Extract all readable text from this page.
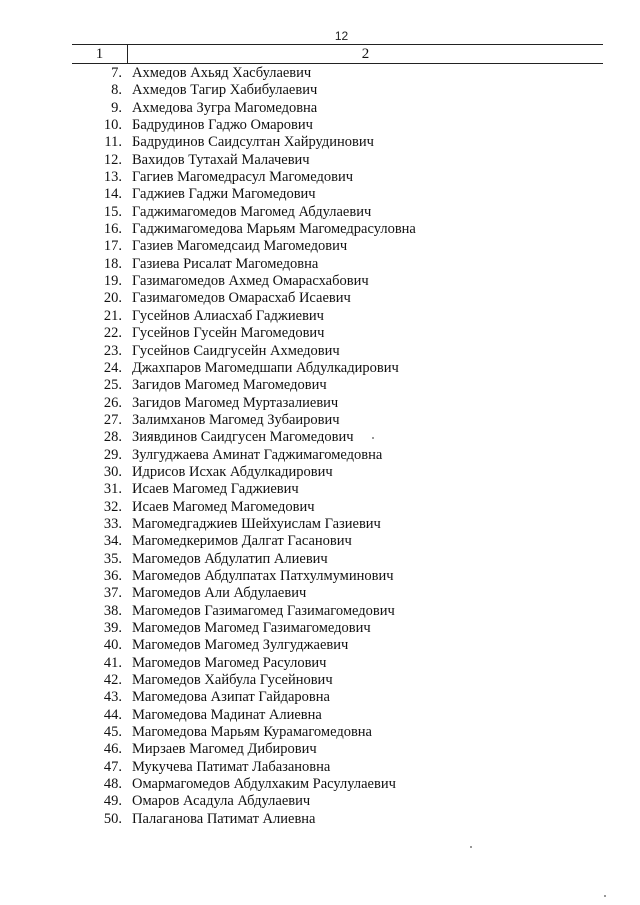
12
1	2
7. Ахмедов Ахьяд Хасбулаевич
8. Ахмедов Тагир Хабибулаевич
9. Ахмедова Зугра Магомедовна
10. Бадрудинов Гаджо Омарович
11. Бадрудинов Саидсултан Хайрудинович
12. Вахидов Тутахай Малачевич
13. Гагиев Магомедрасул Магомедович
14. Гаджиев Гаджи Магомедович
15. Гаджимагомедов Магомед Абдулаевич
16. Гаджимагомедова Марьям Магомедрасуловна
17. Газиев Магомедсаид Магомедович
18. Газиева Рисалат Магомедовна
19. Газимагомедов Ахмед Омарасхабович
20. Газимагомедов Омарасхаб Исаевич
21. Гусейнов Алиасхаб Гаджиевич
22. Гусейнов Гусейн Магомедович
23. Гусейнов Саидгусейн Ахмедович
24. Джахпаров Магомедшапи Абдулкадирович
25. Загидов Магомед Магомедович
26. Загидов Магомед Муртазалиевич
27. Залимханов Магомед Зубаирович
28. Зиявдинов Саидгусен Магомедович
29. Зулгуджаева Аминат Гаджимагомедовна
30. Идрисов Исхак Абдулкадирович
31. Исаев Магомед Гаджиевич
32. Исаев Магомед Магомедович
33. Магомедгаджиев Шейхуислам Газиевич
34. Магомедкеримов Далгат Гасанович
35. Магомедов Абдулатип Алиевич
36. Магомедов Абдулпатах Патхулмуминович
37. Магомедов Али Абдулаевич
38. Магомедов Газимагомед Газимагомедович
39. Магомедов Магомед Газимагомедович
40. Магомедов Магомед Зулгуджаевич
41. Магомедов Магомед Расулович
42. Магомедов Хайбула Гусейнович
43. Магомедова Азипат Гайдаровна
44. Магомедова Мадинат Алиевна
45. Магомедова Марьям Курамагомедовна
46. Мирзаев Магомед Дибирович
47. Мукучева Патимат Лабазановна
48. Омармагомедов Абдулхаким Расулулаевич
49. Омаров Асадула Абдулаевич
50. Палаганова Патимат Алиевна
